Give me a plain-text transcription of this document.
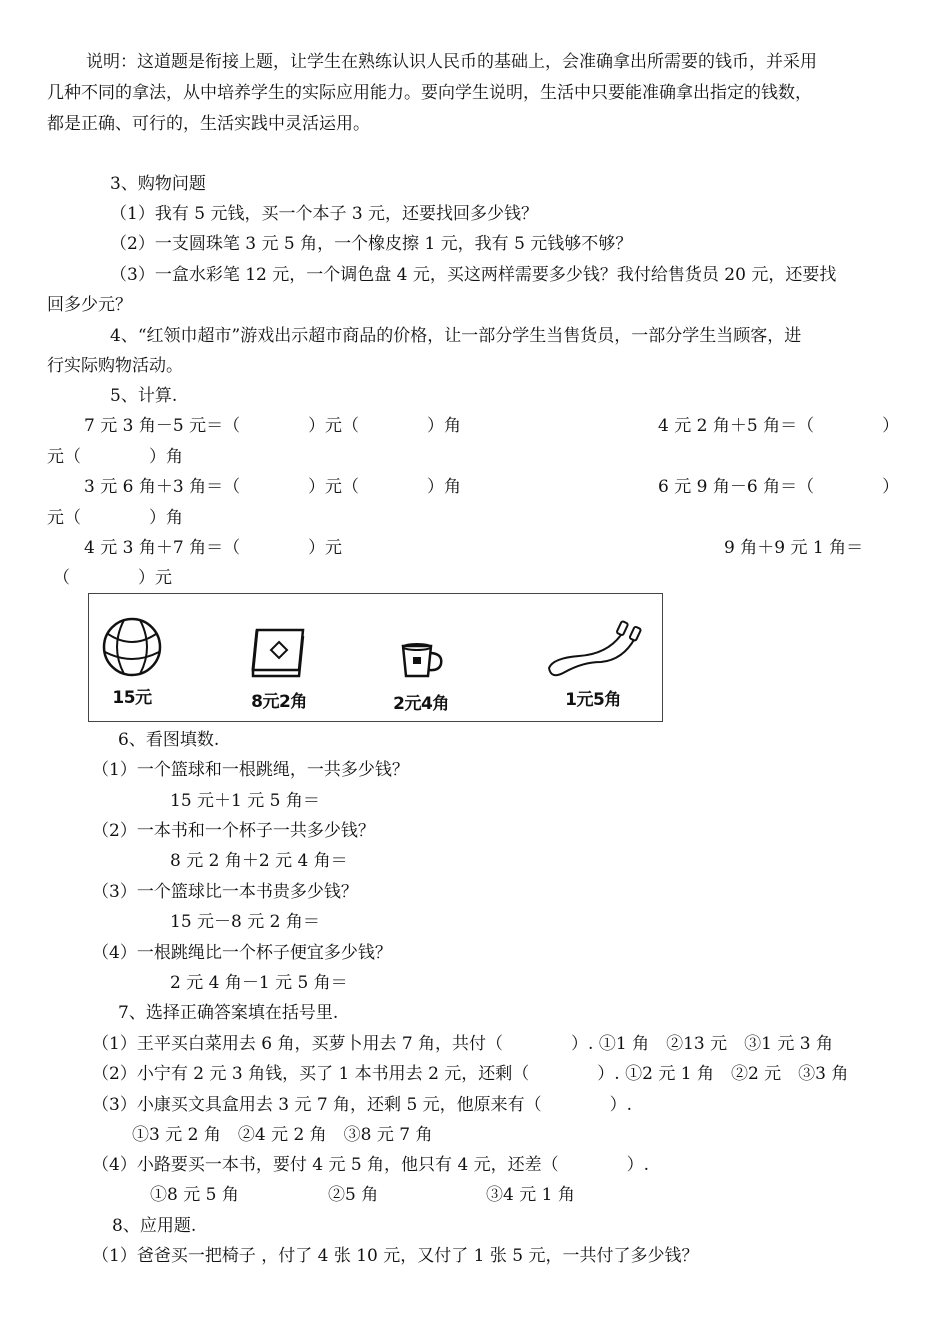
说明：这道题是衔接上题，让学生在熟练认识人民币的基础上，会准确拿出所需要的钱币，并采用
几种不同的拿法，从中培养学生的实际应用能力。要向学生说明，生活中只要能准确拿出指定的钱数，
都是正确、可行的，生活实践中灵活运用。
3、购物问题
（1）我有 5 元钱，买一个本子 3 元，还要找回多少钱？
（2）一支圆珠笔 3 元 5 角，一个橡皮擦 1 元，我有 5 元钱够不够？
（3）一盒水彩笔 12 元，一个调色盘 4 元，买这两样需要多少钱？我付给售货员 20 元，还要找
回多少元？
4、“红领巾超市”游戏出示超市商品的价格，让一部分学生当售货员，一部分学生当顾客，进
行实际购物活动。
5、计算.
7 元 3 角－5 元＝（　　　　）元（　　　　）角	4 元 2 角＋5 角＝（　　　　）
元（　　　　）角
3 元 6 角＋3 角＝（　　　　）元（　　　　）角	6 元 9 角－6 角＝（　　　　）
元（　　　　）角
4 元 3 角＋7 角＝（　　　　）元	9 角＋9 元 1 角＝
（　　　　）元
15元	8元2角	2元4角	1元5角
6、看图填数.
（1）一个篮球和一根跳绳，一共多少钱？
15 元＋1 元 5 角＝
（2）一本书和一个杯子一共多少钱？
8 元 2 角＋2 元 4 角＝
（3）一个篮球比一本书贵多少钱？
15 元－8 元 2 角＝
（4）一根跳绳比一个杯子便宜多少钱？
2 元 4 角－1 元 5 角＝
7、选择正确答案填在括号里.
（1）王平买白菜用去 6 角，买萝卜用去 7 角，共付（　　　　）. ①1 角　②13 元　③1 元 3 角
（2）小宁有 2 元 3 角钱，买了 1 本书用去 2 元，还剩（　　　　）. ①2 元 1 角　②2 元　③3 角
（3）小康买文具盒用去 3 元 7 角，还剩 5 元，他原来有（　　　　）.
①3 元 2 角　②4 元 2 角　③8 元 7 角
（4）小路要买一本书，要付 4 元 5 角，他只有 4 元，还差（　　　　）.
①8 元 5 角	②5 角	③4 元 1 角
8、应用题.
（1）爸爸买一把椅子 ，付了 4 张 10 元，又付了 1 张 5 元，一共付了多少钱？
